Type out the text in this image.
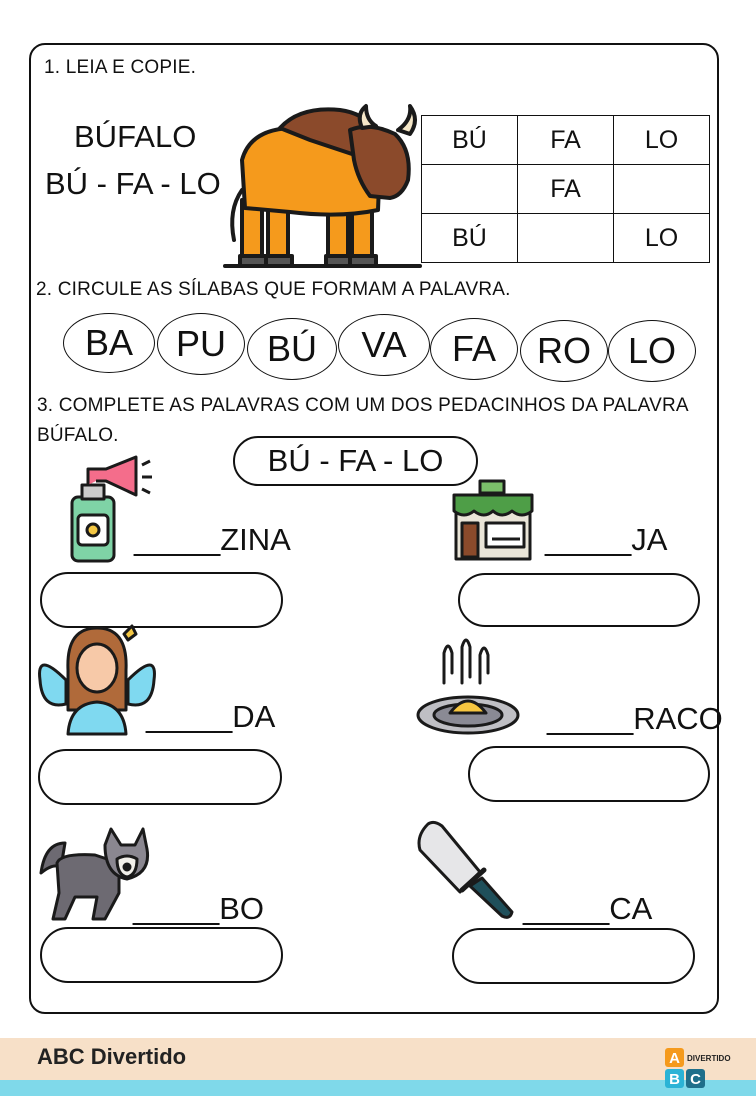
1. LEIA E COPIE.
BÚFALO
BÚ - FA - LO
BÚ	FA	LO
	FA	
BÚ		LO
2. CIRCULE AS SÍLABAS QUE FORMAM A PALAVRA.
BA PU BÚ VA FA RO LO
3. COMPLETE AS PALAVRAS COM UM DOS PEDACINHOS DA PALAVRA
BÚFALO.
BÚ - FA - LO
_____ZINA	_____JA
_____DA	_____RACO
_____BO	_____CA
ABC Divertido	A
B C
DIVERTIDO
